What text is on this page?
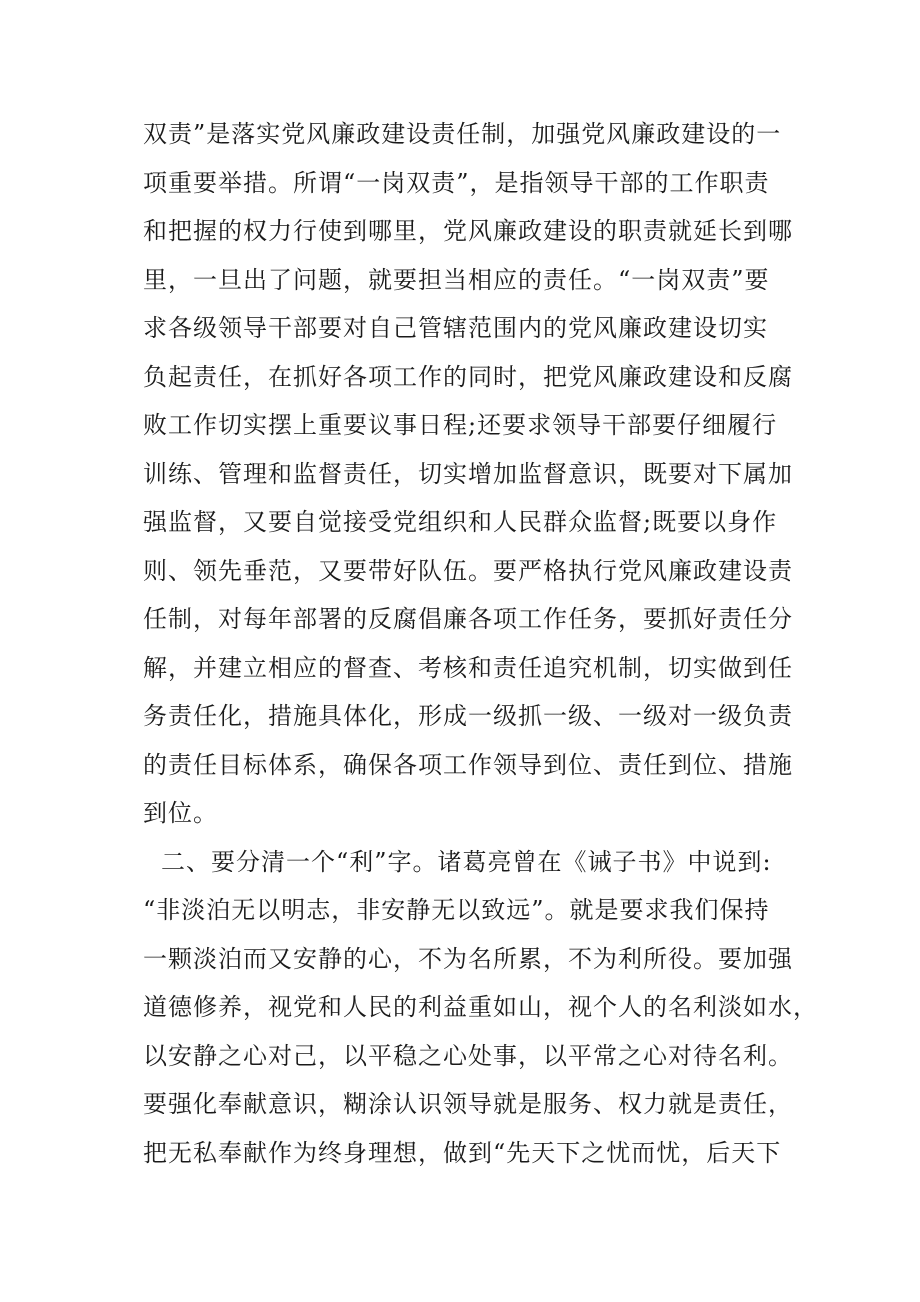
双责”是落实党风廉政建设责任制，加强党风廉政建设的一

项重要举措。所谓“一岗双责”，是指领导干部的工作职责

和把握的权力行使到哪里，党风廉政建设的职责就延长到哪

里，一旦出了问题，就要担当相应的责任。“一岗双责”要

求各级领导干部要对自己管辖范围内的党风廉政建设切实

负起责任，在抓好各项工作的同时，把党风廉政建设和反腐

败工作切实摆上重要议事日程;还要求领导干部要仔细履行

训练、管理和监督责任，切实增加监督意识，既要对下属加

强监督，又要自觉接受党组织和人民群众监督;既要以身作

则、领先垂范，又要带好队伍。要严格执行党风廉政建设责

任制，对每年部署的反腐倡廉各项工作任务，要抓好责任分

解，并建立相应的督查、考核和责任追究机制，切实做到任

务责任化，措施具体化，形成一级抓一级、一级对一级负责

的责任目标体系，确保各项工作领导到位、责任到位、措施

到位。

二、要分清一个“利”字。诸葛亮曾在《诫子书》中说到:

“非淡泊无以明志，非安静无以致远”。就是要求我们保持

一颗淡泊而又安静的心，不为名所累，不为利所役。要加强

道德修养，视党和人民的利益重如山，视个人的名利淡如水，

以安静之心对己，以平稳之心处事，以平常之心对待名利。

要强化奉献意识，糊涂认识领导就是服务、权力就是责任，

把无私奉献作为终身理想，做到“先天下之忧而忧，后天下
